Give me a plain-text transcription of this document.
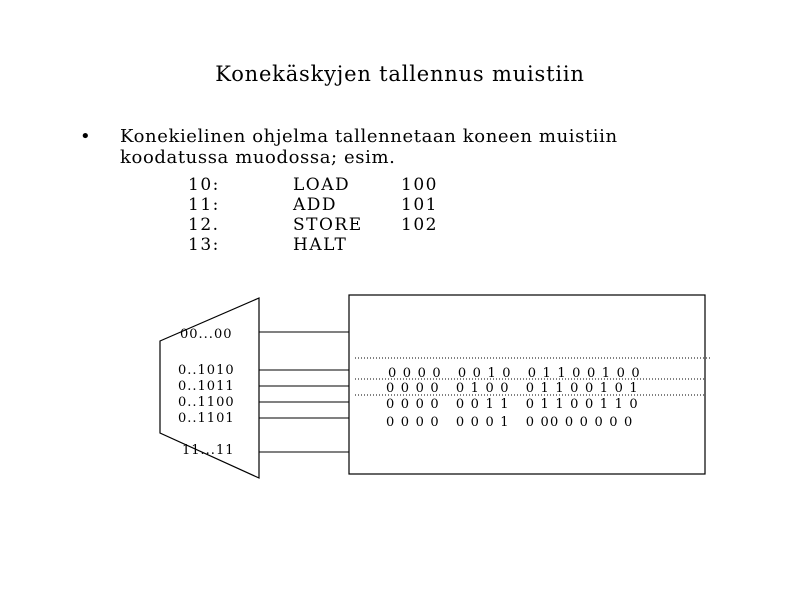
Konekäskyjen tallennus muistiin
• Konekielinen ohjelma tallennetaan koneen muistiin
koodatussa muodossa; esim.
10:	LOAD	100
11:	ADD	101
12.	STORE 102
13:	HALT
00...00
0..1010
0..1011
0..1100
0..1101
11...11
0 0 0 0   0 0 1 0   0 1 1 0 0 1 0 0
0 0 0 0   0 1 0 0   0 1 1 0 0 1 0 1
0 0 0 0   0 0 1 1   0 1 1 0 0 1 1 0
0 0 0 0   0 0 0 1   0 00 0 0 0 0 0
